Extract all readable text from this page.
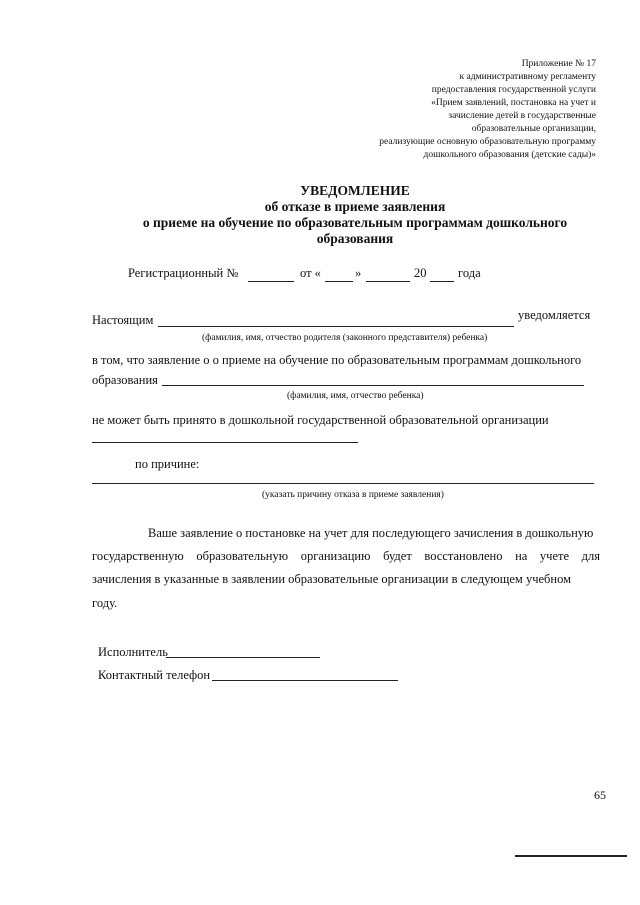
Приложение № 17
к административному регламенту
предоставления государственной услуги
«Прием заявлений, постановка на учет и
зачисление детей в государственные
образовательные организации,
реализующие основную образовательную программу
дошкольного образования (детские сады)»
УВЕДОМЛЕНИЕ
об отказе в приеме заявления
о приеме на обучение по образовательным программам дошкольного
образования
Регистрационный №	от «	»	20	года
Настоящим	уведомляется
(фамилия, имя, отчество родителя (законного представителя) ребенка)
в том, что заявление о о приеме на обучение по образовательным программам дошкольного
образования
(фамилия, имя, отчество ребенка)
не может быть принято в дошкольной государственной образовательной организации
по причине:
(указать причину отказа в приеме заявления)
Ваше заявление о постановке на учет для последующего зачисления в дошкольную
государственную образовательную организацию будет восстановлено на учете для
зачисления в указанные в заявлении образовательные организации в следующем учебном
году.
Исполнитель
Контактный телефон
65
